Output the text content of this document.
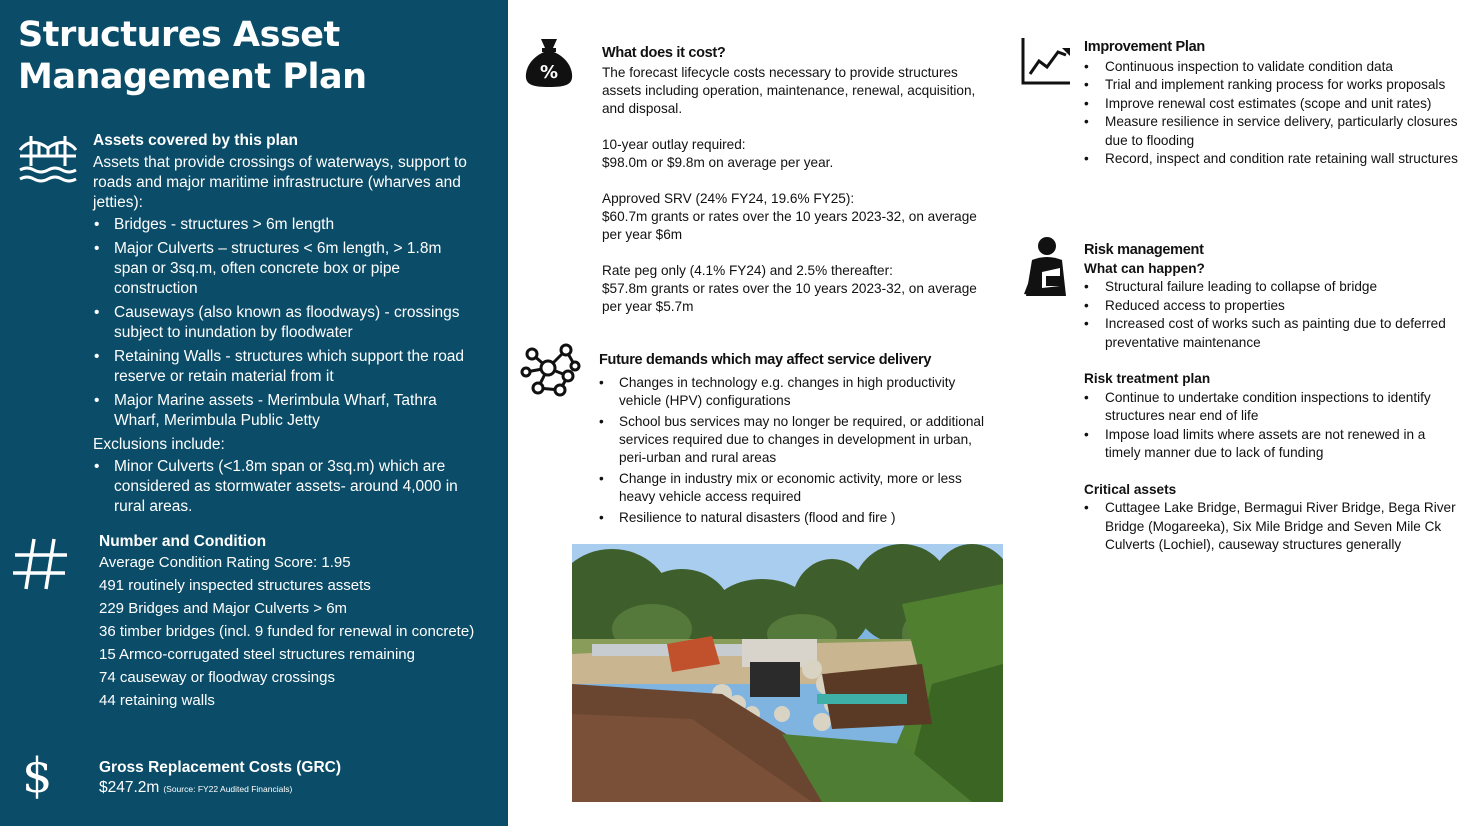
Structures Asset Management Plan
Assets covered by this plan

Assets that provide crossings of waterways, support to roads and major maritime infrastructure (wharves and jetties):

• Bridges - structures > 6m length
• Major Culverts – structures < 6m length, > 1.8m span or 3sq.m, often concrete box or pipe construction
• Causeways (also known as floodways) - crossings subject to inundation by floodwater
• Retaining Walls - structures which support the road reserve or retain material from it
• Major Marine assets - Merimbula Wharf, Tathra Wharf, Merimbula Public Jetty

Exclusions include:

• Minor Culverts (<1.8m span or 3sq.m) which are considered as stormwater assets- around 4,000 in rural areas.
Number and Condition
Average Condition Rating Score: 1.95
491 routinely inspected structures assets
229 Bridges and Major Culverts > 6m
36 timber bridges (incl. 9 funded for renewal in concrete)
15 Armco-corrugated steel structures remaining
74 causeway or floodway crossings
44 retaining walls
$	Gross Replacement Costs (GRC)
$247.2m (Source: FY22 Audited Financials)
%
What does it cost?
The forecast lifecycle costs necessary to provide structures assets including operation, maintenance, renewal, acquisition, and disposal.
10-year outlay required:
$98.0m or $9.8m on average per year.
Approved SRV (24% FY24, 19.6% FY25):
$60.7m grants or rates over the 10 years 2023-32, on average per year $6m
Rate peg only (4.1% FY24) and 2.5% thereafter:
$57.8m grants or rates over the 10 years 2023-32, on average per year $5.7m
Future demands which may affect service delivery
• Changes in technology e.g. changes in high productivity vehicle (HPV) configurations
• School bus services may no longer be required, or additional services required due to changes in development in urban, peri-urban and rural areas
• Change in industry mix or economic activity, more or less heavy vehicle access required
• Resilience to natural disasters (flood and fire )
Improvement Plan
• Continuous inspection to validate condition data
• Trial and implement ranking process for works proposals
• Improve renewal cost estimates (scope and unit rates)
• Measure resilience in service delivery, particularly closures due to flooding
• Record, inspect and condition rate retaining wall structures
Risk management
What can happen?
• Structural failure leading to collapse of bridge
• Reduced access to properties
• Increased cost of works such as painting due to deferred preventative maintenance
Risk treatment plan
• Continue to undertake condition inspections to identify structures near end of life
• Impose load limits where assets are not renewed in a timely manner due to lack of funding
Critical assets
• Cuttagee Lake Bridge, Bermagui River Bridge, Bega River Bridge (Mogareeka), Six Mile Bridge and Seven Mile Ck Culverts (Lochiel), causeway structures generally
